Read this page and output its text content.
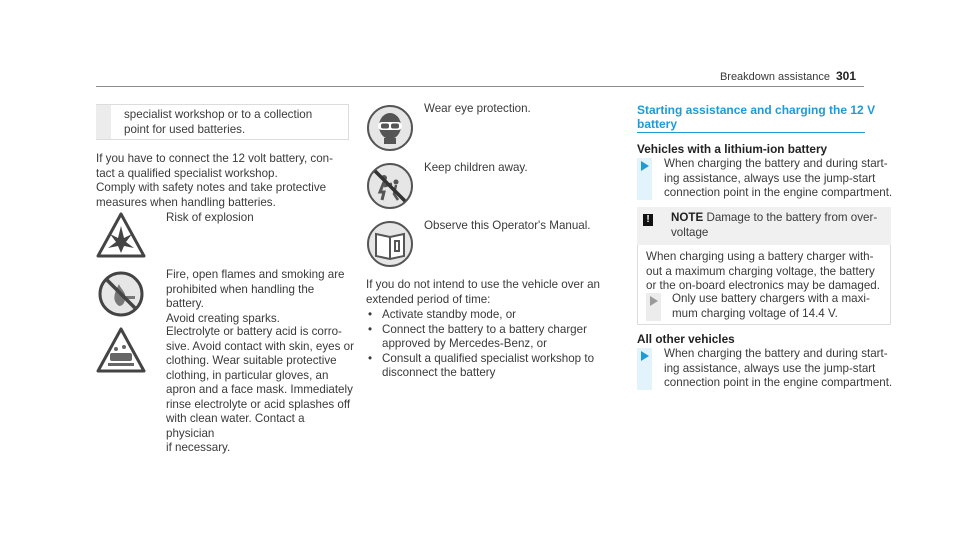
Breakdown assistance 301
specialist workshop or to a collection
point for used batteries.
If you have to connect the 12 volt battery, con-
tact a qualified specialist workshop.
Comply with safety notes and take protective
measures when handling batteries.
Risk of explosion
Fire, open flames and smoking are
prohibited when handling the battery.
Avoid creating sparks.
Electrolyte or battery acid is corro-
sive. Avoid contact with skin, eyes or
clothing. Wear suitable protective
clothing, in particular gloves, an
apron and a face mask. Immediately
rinse electrolyte or acid splashes off
with clean water. Contact a physician
if necessary.
Wear eye protection.
Keep children away.
Observe this Operator's Manual.
If you do not intend to use the vehicle over an
extended period of time:
• Activate standby mode, or
• Connect the battery to a battery charger
approved by Mercedes-Benz, or
• Consult a qualified specialist workshop to
disconnect the battery
Starting assistance and charging the 12 V
battery
Vehicles with a lithium-ion battery
When charging the battery and during start-
ing assistance, always use the jump-start
connection point in the engine compartment.
! NOTE Damage to the battery from over-
voltage
When charging using a battery charger with-
out a maximum charging voltage, the battery
or the on-board electronics may be damaged.
Only use battery chargers with a maxi-
mum charging voltage of 14.4 V.
All other vehicles
When charging the battery and during start-
ing assistance, always use the jump-start
connection point in the engine compartment.
